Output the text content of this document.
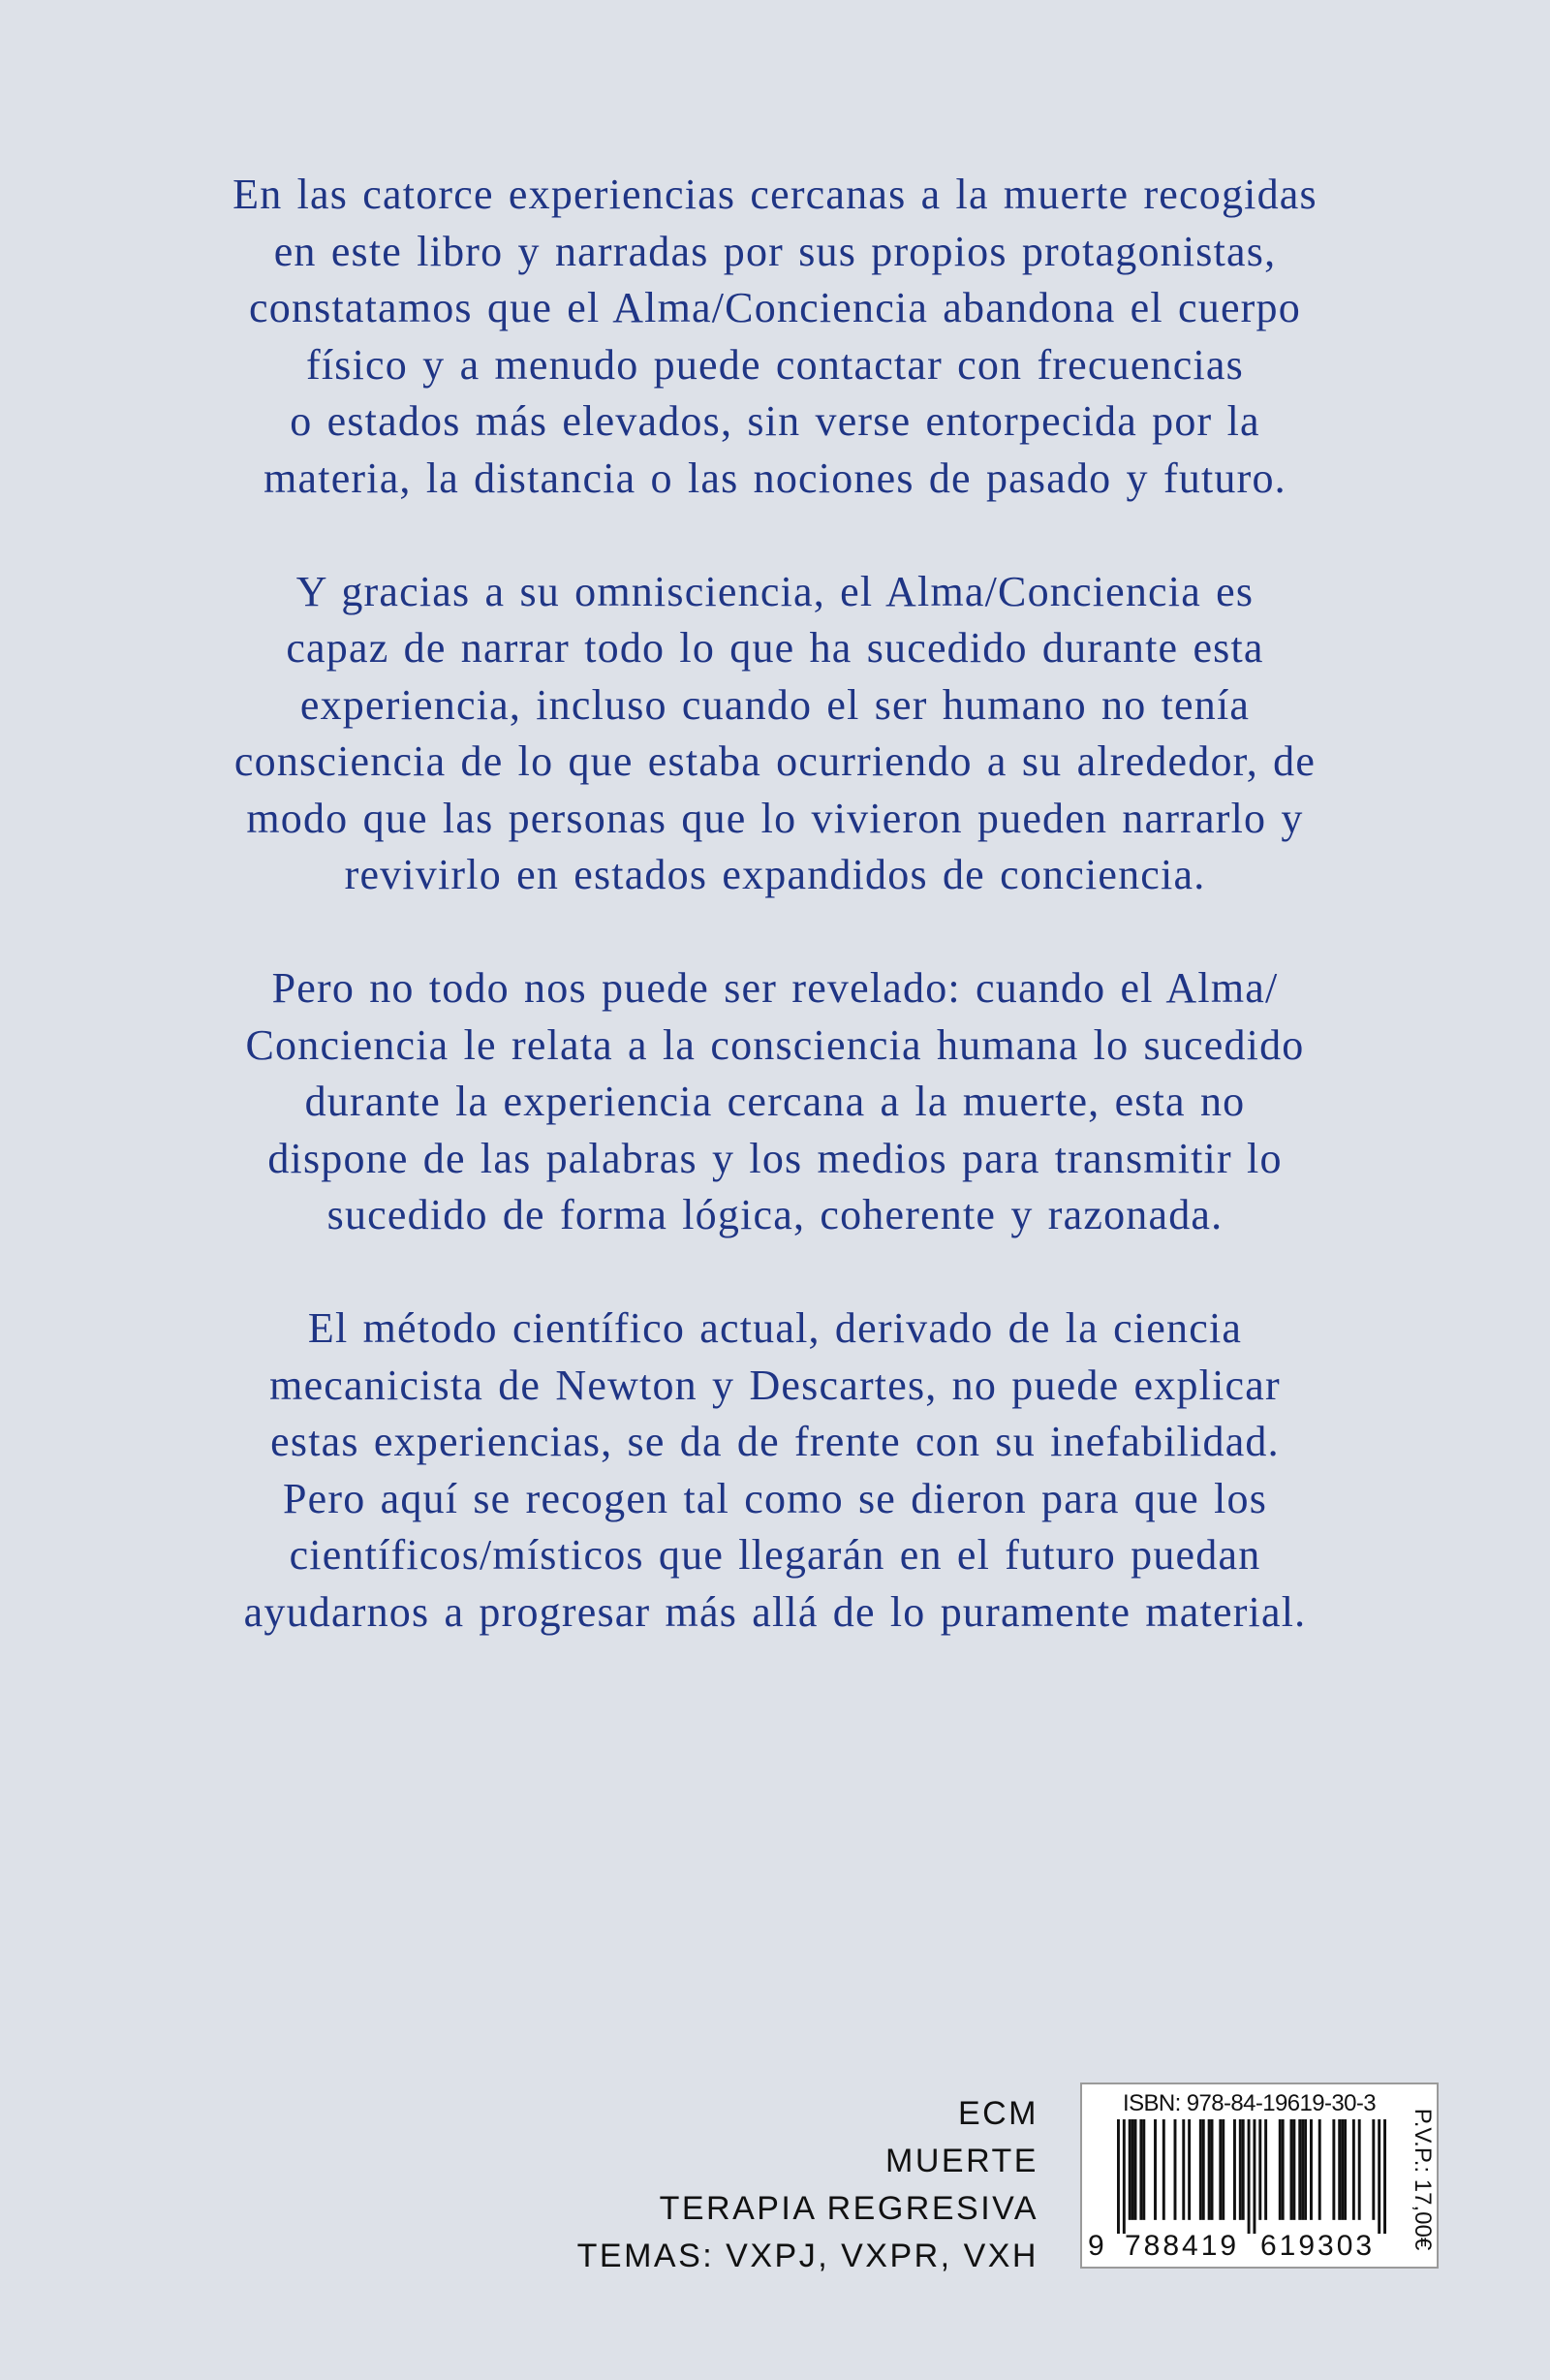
En las catorce experiencias cercanas a la muerte recogidas
en este libro y narradas por sus propios protagonistas,
constatamos que el Alma/Conciencia abandona el cuerpo
físico y a menudo puede contactar con frecuencias
o estados más elevados, sin verse entorpecida por la
materia, la distancia o las nociones de pasado y futuro.

Y gracias a su omnisciencia, el Alma/Conciencia es
capaz de narrar todo lo que ha sucedido durante esta
experiencia, incluso cuando el ser humano no tenía
consciencia de lo que estaba ocurriendo a su alrededor, de
modo que las personas que lo vivieron pueden narrarlo y
revivirlo en estados expandidos de conciencia.

Pero no todo nos puede ser revelado: cuando el Alma/
Conciencia le relata a la consciencia humana lo sucedido
durante la experiencia cercana a la muerte, esta no
dispone de las palabras y los medios para transmitir lo
sucedido de forma lógica, coherente y razonada.

El método científico actual, derivado de la ciencia
mecanicista de Newton y Descartes, no puede explicar
estas experiencias, se da de frente con su inefabilidad.
Pero aquí se recogen tal como se dieron para que los
científicos/místicos que llegarán en el futuro puedan
ayudarnos a progresar más allá de lo puramente material.

ECM
MUERTE
TERAPIA REGRESIVA
TEMAS: VXPJ, VXPR, VXH
ISBN: 978-84-19619-30-3
9 788419 619303 P.V.P.: 17,00€
